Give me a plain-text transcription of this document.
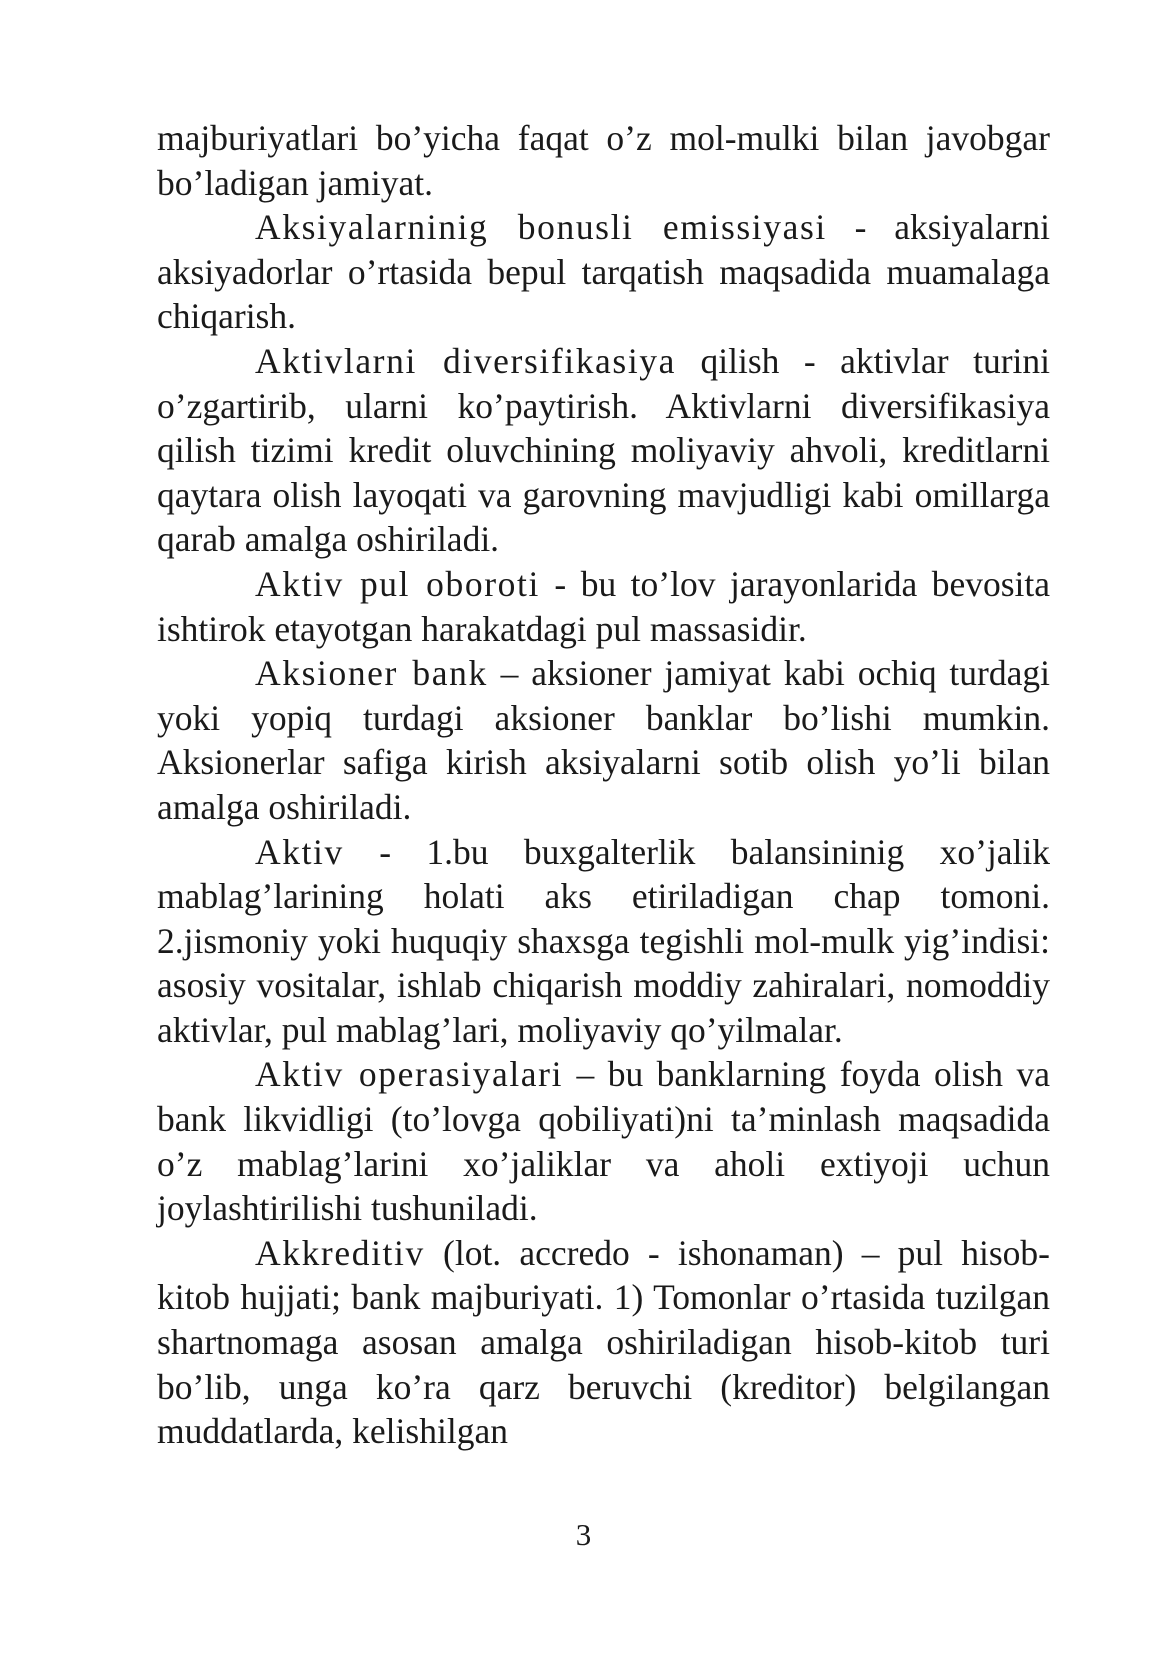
majburiyatlari bo’yicha faqat o’z mol-mulki bilan javobgar bo’ladigan jamiyat.

Aksiyalarninig bonusli emissiyasi - aksiyalarni aksiyadorlar o’rtasida bepul tarqatish maqsadida muamalaga chiqarish.

Aktivlarni diversifikasiya qilish - aktivlar turini o’zgartirib, ularni ko’paytirish. Aktivlarni diversifikasiya qilish tizimi kredit oluvchining moliyaviy ahvoli, kreditlarni qaytara olish layoqati va garovning mavjudligi kabi omillarga qarab amalga oshiriladi.

Aktiv pul oboroti - bu to’lov jarayonlarida bevosita ishtirok etayotgan harakatdagi pul massasidir.

Aksioner bank – aksioner jamiyat kabi ochiq turdagi yoki yopiq turdagi aksioner banklar bo’lishi mumkin. Aksionerlar safiga kirish aksiyalarni sotib olish yo’li bilan amalga oshiriladi.

Aktiv - 1.bu buxgalterlik balansininig xo’jalik mablag’larining holati aks etiriladigan chap tomoni. 2.jismoniy yoki huquqiy shaxsga tegishli mol-mulk yig’indisi: asosiy vositalar, ishlab chiqarish moddiy zahiralari, nomoddiy aktivlar, pul mablag’lari, moliyaviy qo’yilmalar.

Aktiv operasiyalari – bu banklarning foyda olish va bank likvidligi (to’lovga qobiliyati)ni ta’minlash maqsadida o’z mablag’larini xo’jaliklar va aholi extiyoji uchun joylashtirilishi tushuniladi.

Akkreditiv (lot. accredo - ishonaman) – pul hisob-kitob hujjati; bank majburiyati. 1) Tomonlar o’rtasida tuzilgan shartnomaga asosan amalga oshiriladigan hisob-kitob turi bo’lib, unga ko’ra qarz beruvchi (kreditor) belgilangan muddatlarda, kelishilgan

3
